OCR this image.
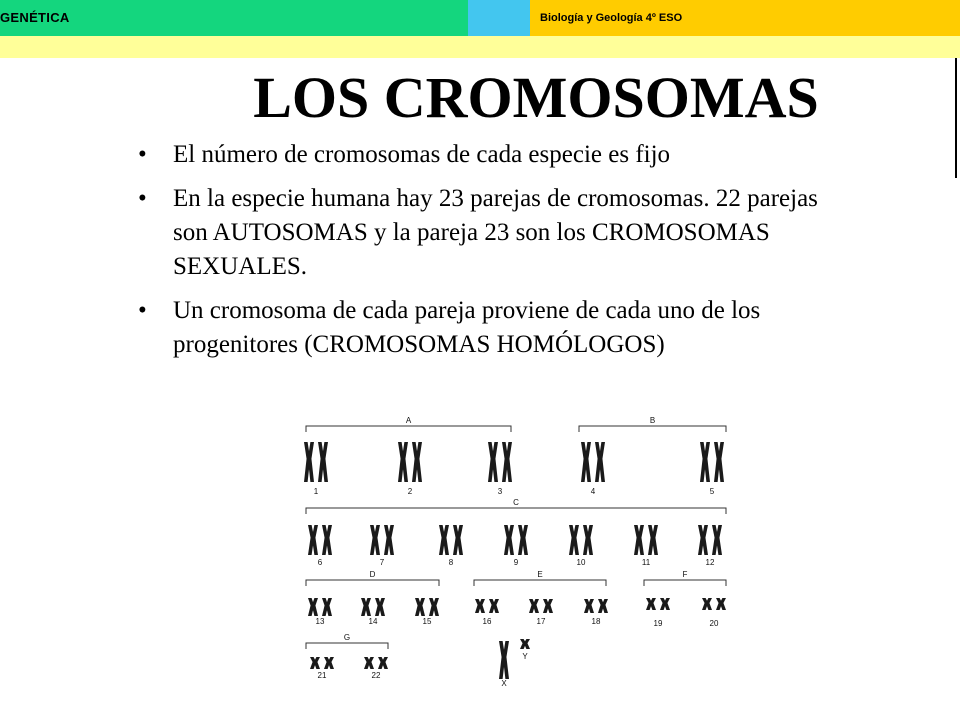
GENÉTICA	Biología y Geología 4º ESO
LOS CROMOSOMAS
• El número de cromosomas de cada especie es fijo
• En la especie humana hay 23 parejas de cromosomas. 22 parejas son AUTOSOMAS y la pareja 23 son los CROMOSOMAS SEXUALES.
• Un cromosoma de cada pareja proviene de cada uno de los progenitores (CROMOSOMAS HOMÓLOGOS)
A	B
1	2	3	4	5
C
6	7	8	9	10	11	12
D	E	F
13	14	15	16	17	18	19	20
G
21	22
X
Y
